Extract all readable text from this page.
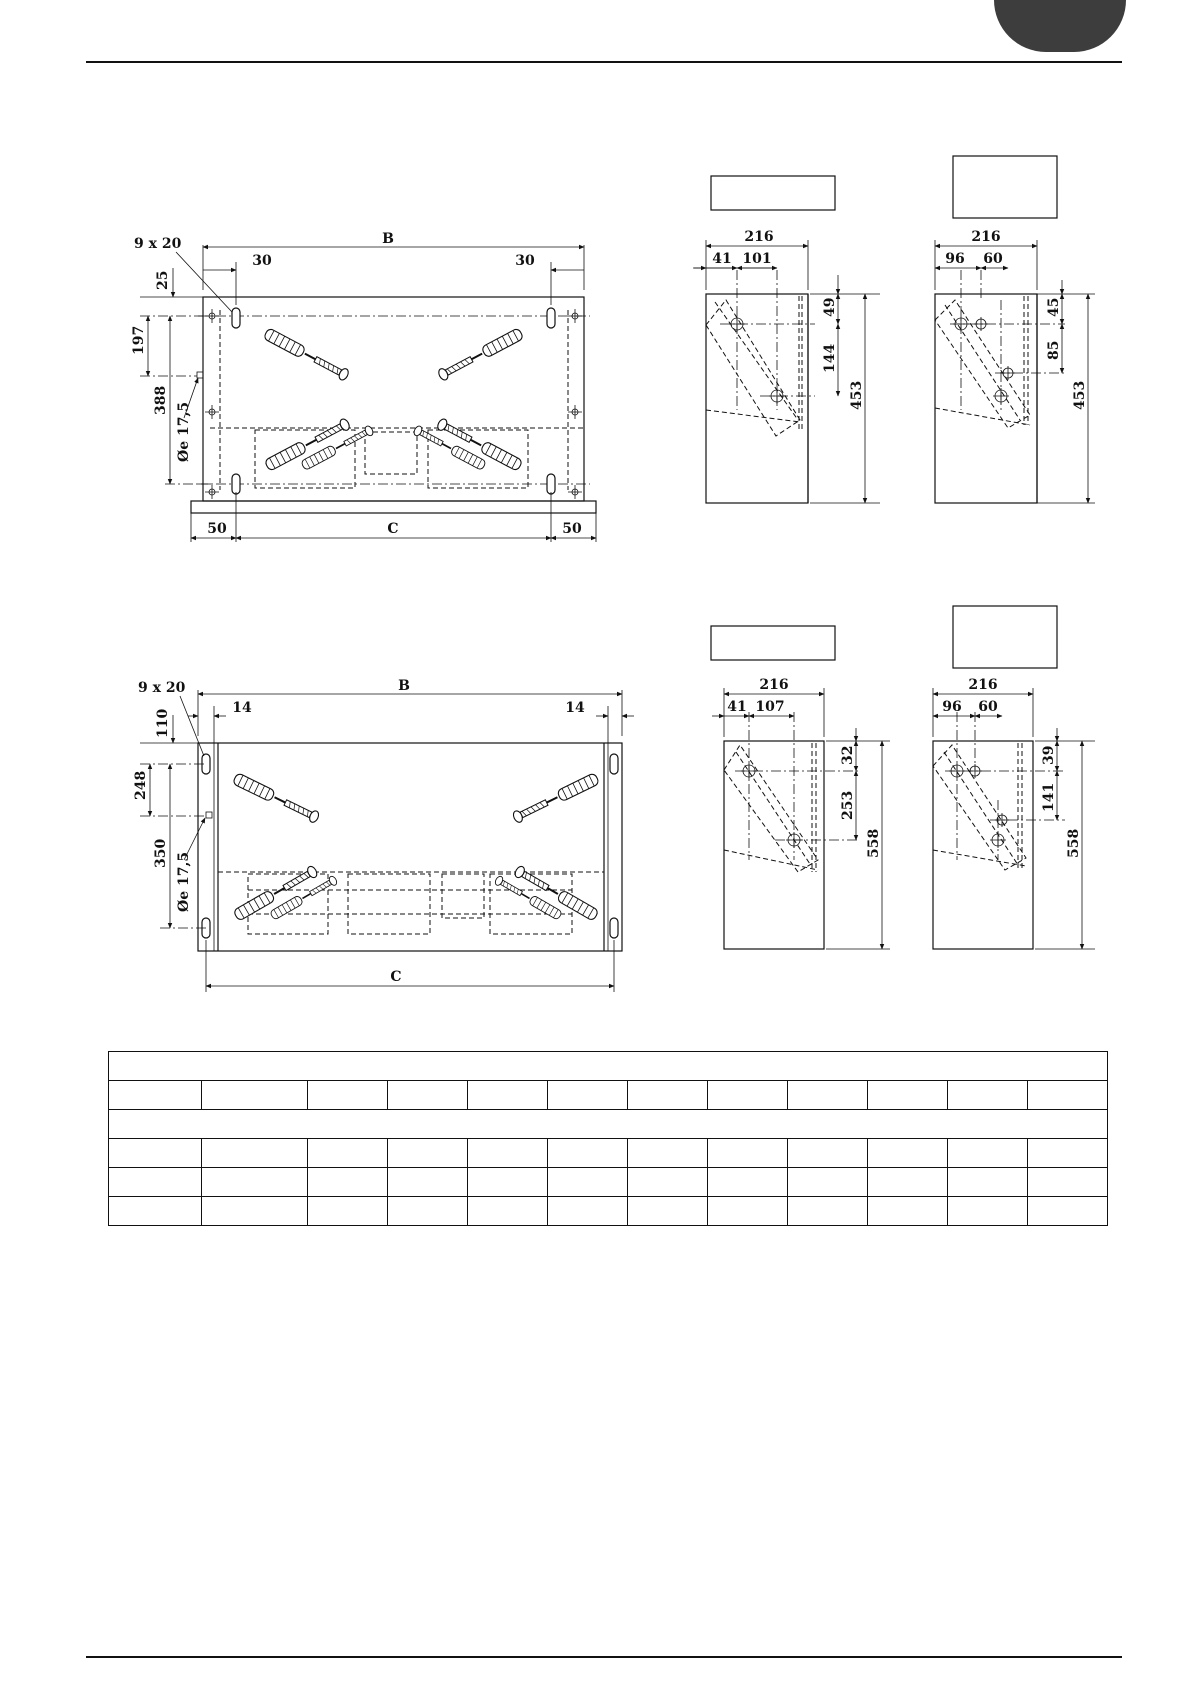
B
30	30
9 x 20
25
197
388
Øe 17,5
50	C	50
216
41 101
49
144
453
216
96 60
45
85
453
B
14	14
9 x 20
110
248
350 Øe 17,5
C
216
41 107
32
253
558
216
96 60
39
141
558
